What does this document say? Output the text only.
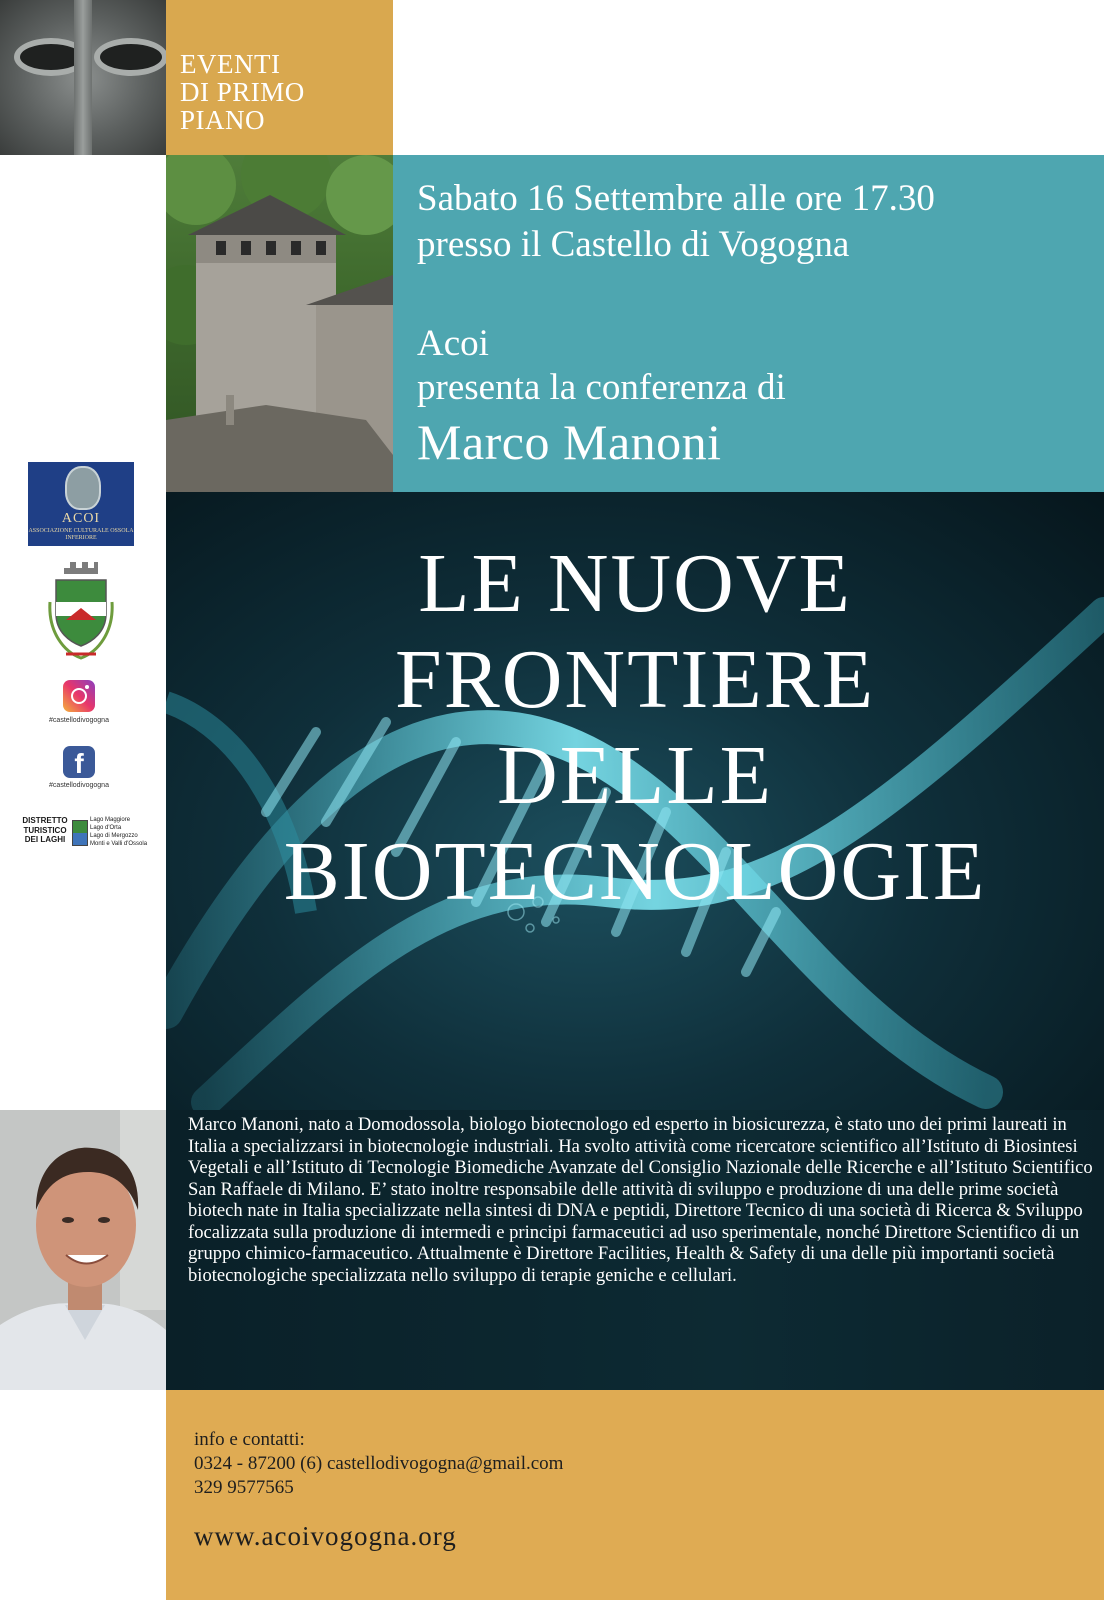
EVENTI
DI PRIMO
PIANO
Sabato 16 Settembre alle ore 17.30
presso il Castello di Vogogna
Acoi
presenta la conferenza di
Marco Manoni
LE NUOVE
FRONTIERE
DELLE
BIOTECNOLOGIE

Marco Manoni, nato a Domodossola, biologo biotecnologo ed esperto in biosicurezza, è stato uno dei primi laureati in Italia a specializzarsi in biotecnologie industriali. Ha svolto attività come ricercatore scientifico all’Istituto di Biosintesi Vegetali e all’Istituto di Tecnologie Biomediche Avanzate del Consiglio Nazionale delle Ricerche e all’Istituto Scientifico San Raffaele di Milano. E’ stato inoltre responsabile delle attività di sviluppo e produzione di una delle prime società biotech nate in Italia specializzate nella sintesi di DNA e peptidi, Direttore Tecnico di una società di Ricerca & Sviluppo focalizzata sulla produzione di intermedi e principi farmaceutici ad uso sperimentale, nonché Direttore Scientifico di un gruppo chimico-farmaceutico. Attualmente è Direttore Facilities, Health & Safety di una delle più importanti società biotecnologiche specializzata nello sviluppo di terapie geniche e cellulari.

info e contatti:
0324 - 87200 (6) castellodivogogna@gmail.com
329 9577565
www.acoivogogna.org
ACOI
ASSOCIAZIONE CULTURALE OSSOLA INFERIORE
#castellodivogogna
f
#castellodivogogna
DISTRETTO
TURISTICO
DEI LAGHI
Lago Maggiore
Lago d'Orta
Lago di Mergozzo
Monti e Valli d'Ossola
